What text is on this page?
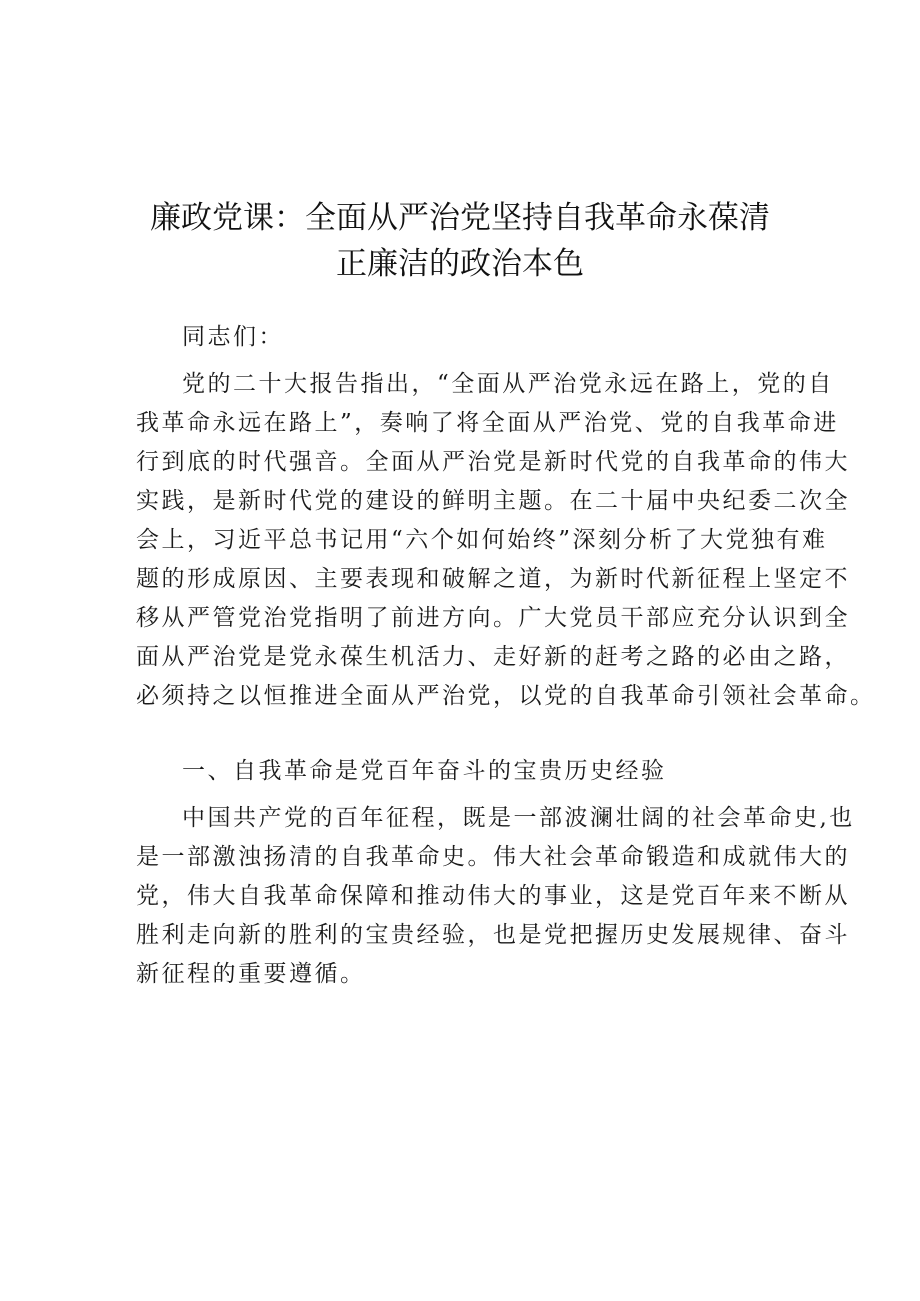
廉政党课：全面从严治党坚持自我革命永葆清
正廉洁的政治本色

同志们：

党的二十大报告指出，“全面从严治党永远在路上，党的自
我革命永远在路上”，奏响了将全面从严治党、党的自我革命进
行到底的时代强音。全面从严治党是新时代党的自我革命的伟大
实践，是新时代党的建设的鲜明主题。在二十届中央纪委二次全
会上，习近平总书记用“六个如何始终”深刻分析了大党独有难
题的形成原因、主要表现和破解之道，为新时代新征程上坚定不
移从严管党治党指明了前进方向。广大党员干部应充分认识到全
面从严治党是党永葆生机活力、走好新的赶考之路的必由之路，
必须持之以恒推进全面从严治党，以党的自我革命引领社会革命。

一、自我革命是党百年奋斗的宝贵历史经验

中国共产党的百年征程，既是一部波澜壮阔的社会革命史,也
是一部激浊扬清的自我革命史。伟大社会革命锻造和成就伟大的
党，伟大自我革命保障和推动伟大的事业，这是党百年来不断从
胜利走向新的胜利的宝贵经验，也是党把握历史发展规律、奋斗
新征程的重要遵循。
